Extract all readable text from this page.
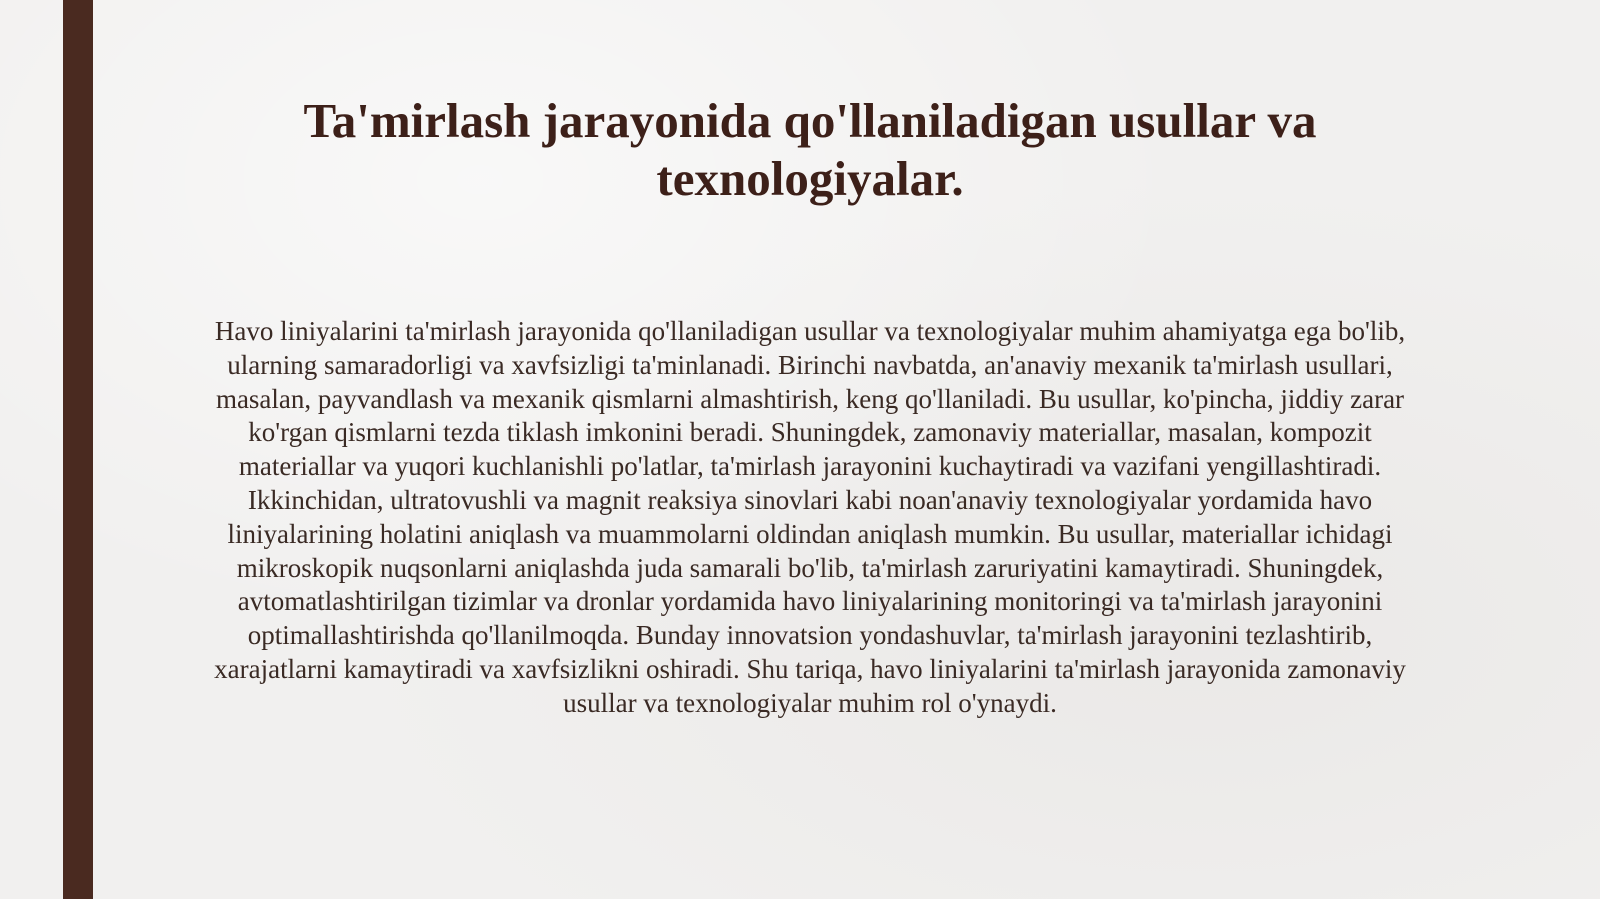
Ta'mirlash jarayonida qo'llaniladigan usullar va texnologiyalar.

Havo liniyalarini ta'mirlash jarayonida qo'llaniladigan usullar va texnologiyalar muhim ahamiyatga ega bo'lib, ularning samaradorligi va xavfsizligi ta'minlanadi. Birinchi navbatda, an'anaviy mexanik ta'mirlash usullari, masalan, payvandlash va mexanik qismlarni almashtirish, keng qo'llaniladi. Bu usullar, ko'pincha, jiddiy zarar ko'rgan qismlarni tezda tiklash imkonini beradi. Shuningdek, zamonaviy materiallar, masalan, kompozit materiallar va yuqori kuchlanishli po'latlar, ta'mirlash jarayonini kuchaytiradi va vazifani yengillashtiradi. Ikkinchidan, ultratovushli va magnit reaksiya sinovlari kabi noan'anaviy texnologiyalar yordamida havo liniyalarining holatini aniqlash va muammolarni oldindan aniqlash mumkin. Bu usullar, materiallar ichidagi mikroskopik nuqsonlarni aniqlashda juda samarali bo'lib, ta'mirlash zaruriyatini kamaytiradi. Shuningdek, avtomatlashtirilgan tizimlar va dronlar yordamida havo liniyalarining monitoringi va ta'mirlash jarayonini optimallashtirishda qo'llanilmoqda. Bunday innovatsion yondashuvlar, ta'mirlash jarayonini tezlashtirib, xarajatlarni kamaytiradi va xavfsizlikni oshiradi. Shu tariqa, havo liniyalarini ta'mirlash jarayonida zamonaviy usullar va texnologiyalar muhim rol o'ynaydi.
